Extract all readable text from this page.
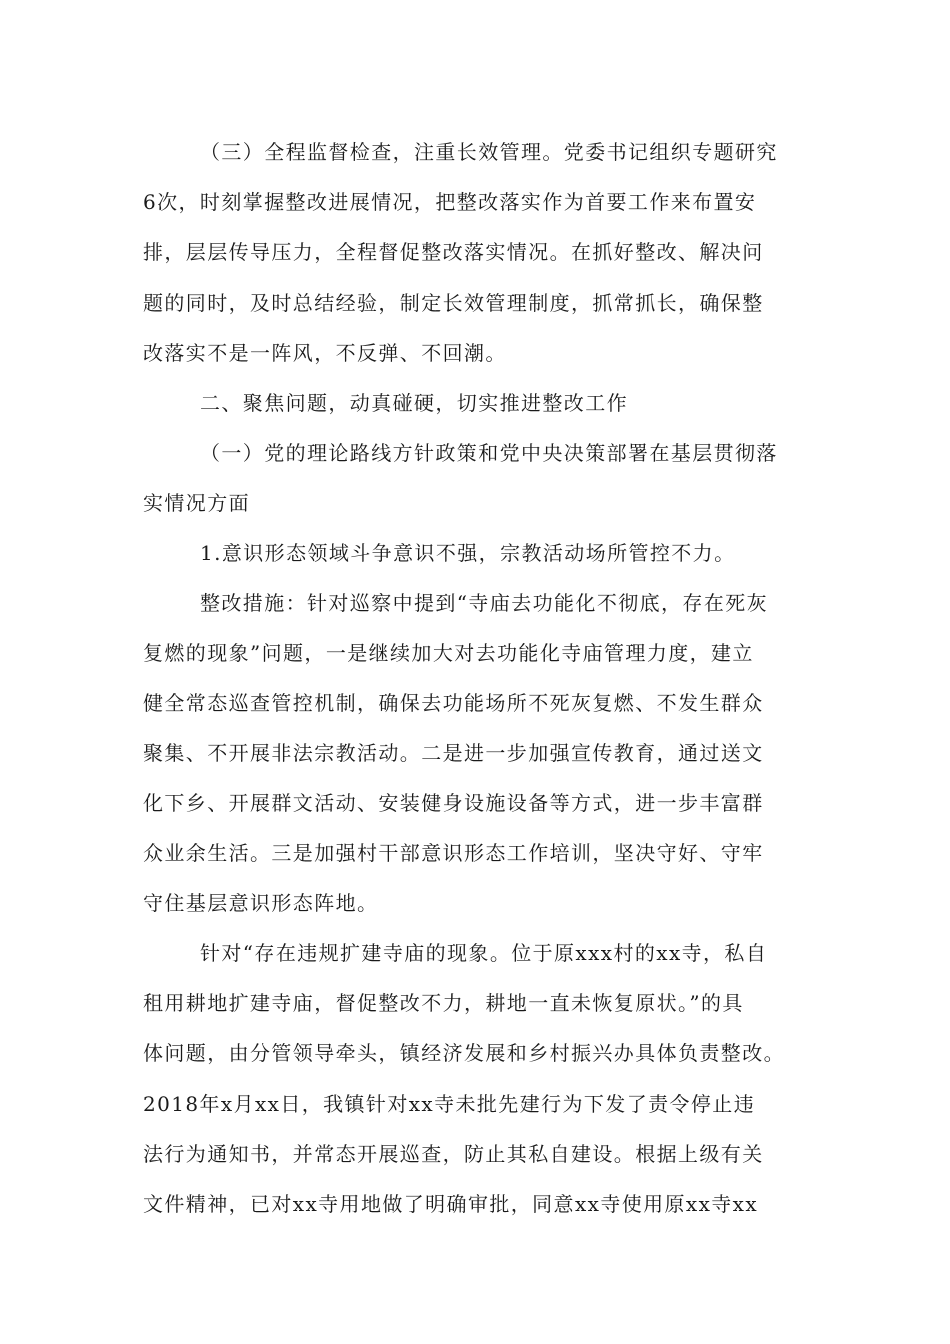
（三）全程监督检查，注重长效管理。党委书记组织专题研究
6次，时刻掌握整改进展情况，把整改落实作为首要工作来布置安
排，层层传导压力，全程督促整改落实情况。在抓好整改、解决问
题的同时，及时总结经验，制定长效管理制度，抓常抓长，确保整
改落实不是一阵风，不反弹、不回潮。
二、聚焦问题，动真碰硬，切实推进整改工作
（一）党的理论路线方针政策和党中央决策部署在基层贯彻落
实情况方面
1.意识形态领域斗争意识不强，宗教活动场所管控不力。
整改措施：针对巡察中提到“寺庙去功能化不彻底，存在死灰
复燃的现象”问题，一是继续加大对去功能化寺庙管理力度，建立
健全常态巡查管控机制，确保去功能场所不死灰复燃、不发生群众
聚集、不开展非法宗教活动。二是进一步加强宣传教育，通过送文
化下乡、开展群文活动、安装健身设施设备等方式，进一步丰富群
众业余生活。三是加强村干部意识形态工作培训，坚决守好、守牢
守住基层意识形态阵地。
针对“存在违规扩建寺庙的现象。位于原xxx村的xx寺，私自
租用耕地扩建寺庙，督促整改不力，耕地一直未恢复原状。”的具
体问题，由分管领导牵头，镇经济发展和乡村振兴办具体负责整改。
2018年x月xx日，我镇针对xx寺未批先建行为下发了责令停止违
法行为通知书，并常态开展巡查，防止其私自建设。根据上级有关
文件精神，已对xx寺用地做了明确审批，同意xx寺使用原xx寺xx
